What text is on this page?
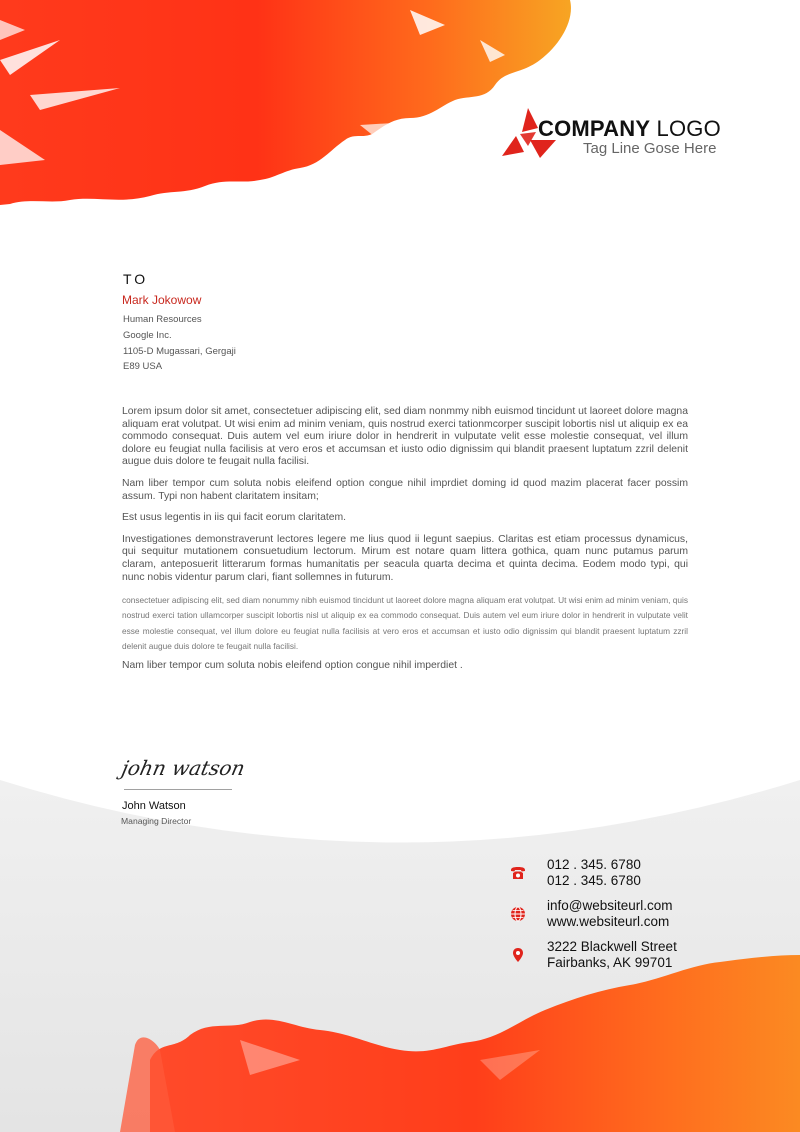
COMPANY LOGO
Tag Line Gose Here
TO
Mark Jokowow
Human Resources
Google Inc.
1105-D Mugassari, Gergaji
E89 USA

Lorem ipsum dolor sit amet, consectetuer adipiscing elit, sed diam nonmmy nibh euismod tincidunt ut laoreet dolore magna aliquam erat volutpat. Ut wisi enim ad minim veniam, quis nostrud exerci tationmcorper suscipit lobortis nisl ut aliquip ex ea commodo consequat. Duis autem vel eum iriure dolor in hendrerit in vulputate velit esse molestie consequat, vel illum dolore eu feugiat nulla facilisis at vero eros et accumsan et iusto odio dignissim qui blandit praesent luptatum zzril delenit augue duis dolore te feugait nulla facilisi.

Nam liber tempor cum soluta nobis eleifend option congue nihil imprdiet doming id quod mazim placerat facer possim assum. Typi non habent claritatem insitam;

Est usus legentis in iis qui facit eorum claritatem.

Investigationes demonstraverunt lectores legere me lius quod ii legunt saepius. Claritas est etiam processus dynamicus, qui sequitur mutationem consuetudium lectorum. Mirum est notare quam littera gothica, quam nunc putamus parum claram, anteposuerit litterarum formas humanitatis per seacula quarta decima et quinta decima. Eodem modo typi, qui nunc nobis videntur parum clari, fiant sollemnes in futurum.

consectetuer adipiscing elit, sed diam nonummy nibh euismod tincidunt ut laoreet dolore magna aliquam erat volutpat. Ut wisi enim ad minim veniam, quis nostrud exerci tation ullamcorper suscipit lobortis nisl ut aliquip ex ea commodo consequat. Duis autem vel eum iriure dolor in hendrerit in vulputate velit esse molestie consequat, vel illum dolore eu feugiat nulla facilisis at vero eros et accumsan et iusto odio dignissim qui blandit praesent luptatum zzril delenit augue duis dolore te feugait nulla facilisi.

Nam liber tempor cum soluta nobis eleifend option congue nihil imperdiet .

john watson
John Watson
Managing Director
012 . 345. 6780
012 . 345. 6780
info@websiteurl.com
www.websiteurl.com
3222 Blackwell Street
Fairbanks, AK 99701
